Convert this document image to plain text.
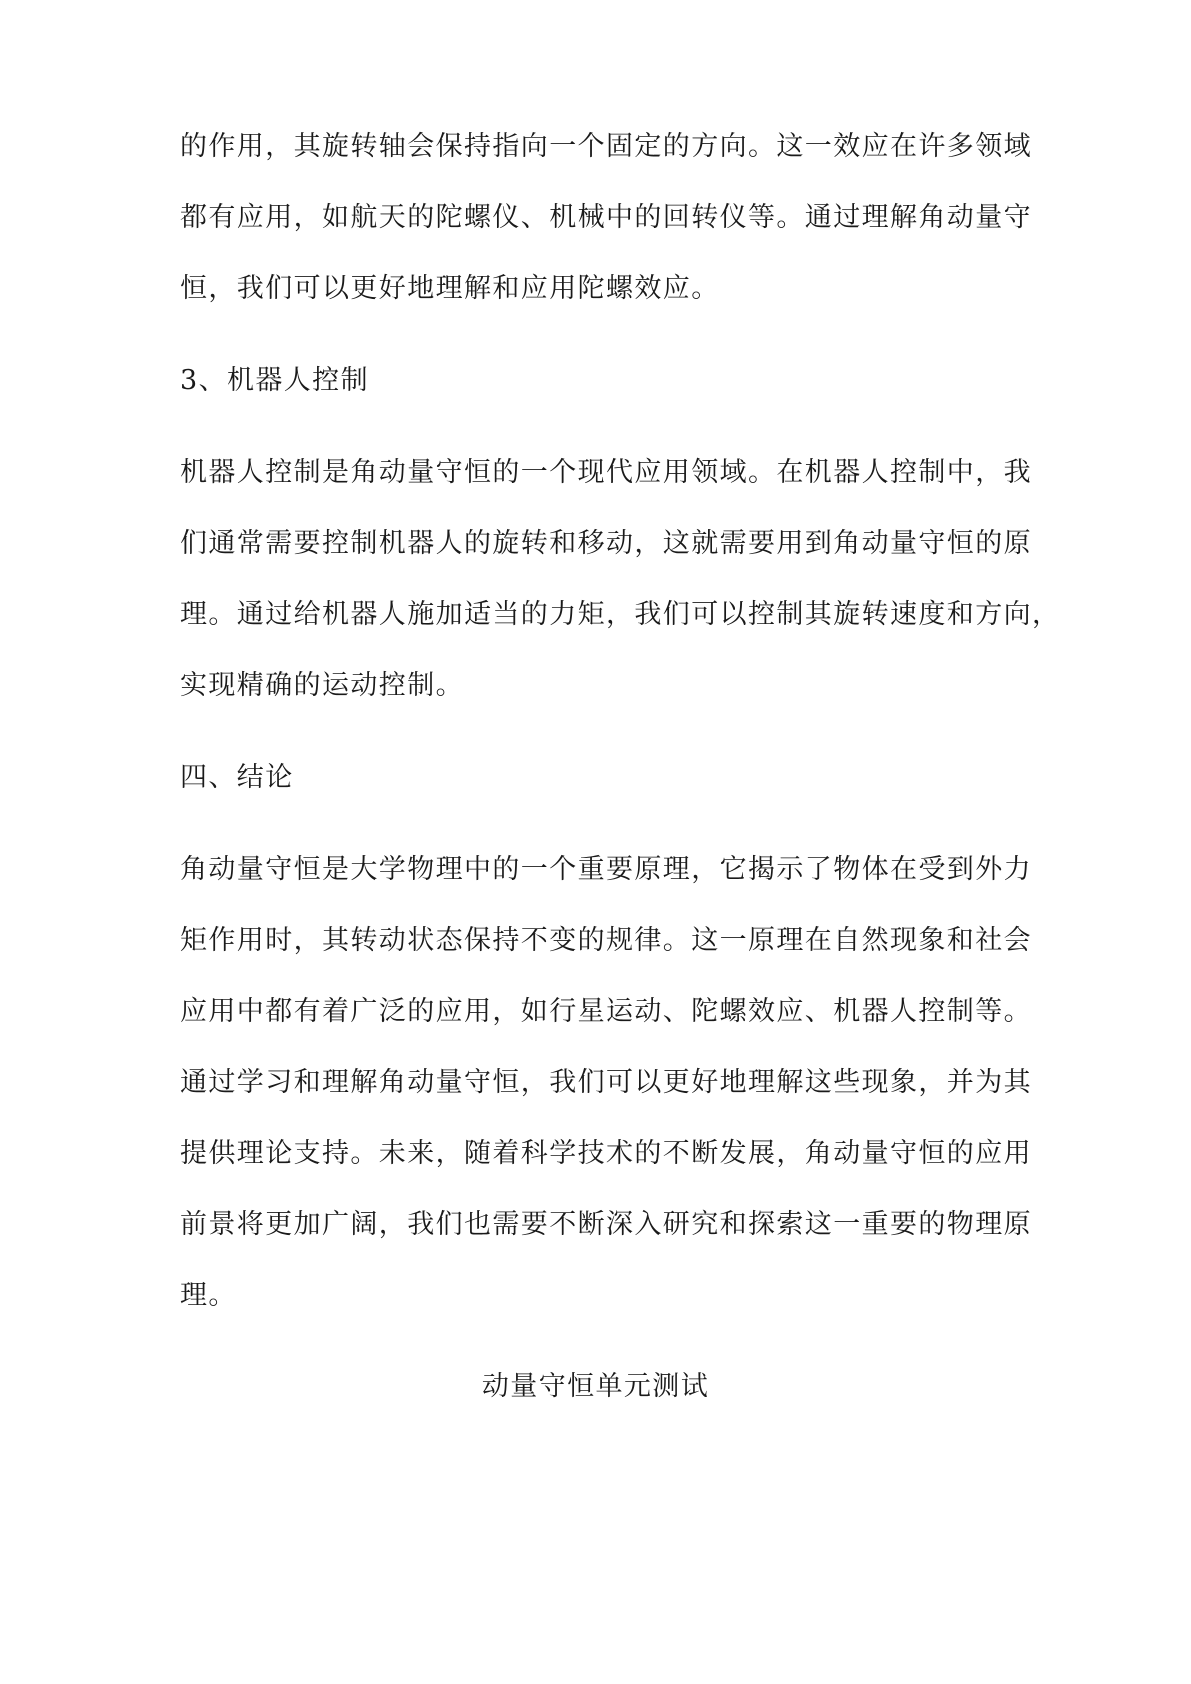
的作用，其旋转轴会保持指向一个固定的方向。这一效应在许多领域
都有应用，如航天的陀螺仪、机械中的回转仪等。通过理解角动量守
恒，我们可以更好地理解和应用陀螺效应。
3、机器人控制
机器人控制是角动量守恒的一个现代应用领域。在机器人控制中，我
们通常需要控制机器人的旋转和移动，这就需要用到角动量守恒的原
理。通过给机器人施加适当的力矩，我们可以控制其旋转速度和方向，
实现精确的运动控制。
四、结论
角动量守恒是大学物理中的一个重要原理，它揭示了物体在受到外力
矩作用时，其转动状态保持不变的规律。这一原理在自然现象和社会
应用中都有着广泛的应用，如行星运动、陀螺效应、机器人控制等。
通过学习和理解角动量守恒，我们可以更好地理解这些现象，并为其
提供理论支持。未来，随着科学技术的不断发展，角动量守恒的应用
前景将更加广阔，我们也需要不断深入研究和探索这一重要的物理原
理。
动量守恒单元测试
